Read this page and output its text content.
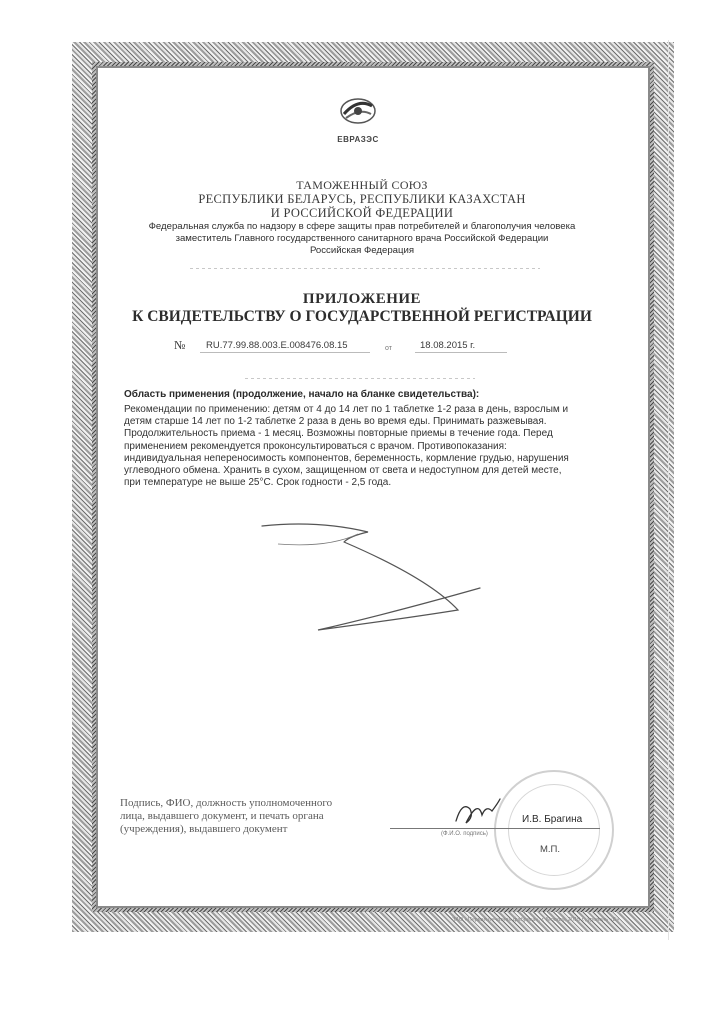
ЕВРАЗЭС
ТАМОЖЕННЫЙ СОЮЗ
РЕСПУБЛИКИ БЕЛАРУСЬ, РЕСПУБЛИКИ КАЗАХСТАН
И РОССИЙСКОЙ ФЕДЕРАЦИИ
Федеральная служба по надзору в сфере защиты прав потребителей и благополучия человека
заместитель Главного государственного санитарного врача Российской Федерации
Российская Федерация
ПРИЛОЖЕНИЕ
К СВИДЕТЕЛЬСТВУ О ГОСУДАРСТВЕННОЙ РЕГИСТРАЦИИ
№ RU.77.99.88.003.Е.008476.08.15	от	18.08.2015 г.
Область применения (продолжение, начало на бланке свидетельства):
Рекомендации по применению: детям от 4 до 14 лет по 1 таблетке 1-2 раза в день, взрослым и детям старше 14 лет по 1-2 таблетке 2 раза в день во время еды. Принимать разжевывая. Продолжительность приема - 1 месяц. Возможны повторные приемы в течение года. Перед применением рекомендуется проконсультироваться с врачом. Противопоказания: индивидуальная непереносимость компонентов, беременность, кормление грудью, нарушения углеводного обмена. Хранить в сухом, защищенном от света и недоступном для детей месте, при температуре не выше 25°С. Срок годности - 2,5 года.
Подпись, ФИО, должность уполномоченного
лица, выдавшего документ, и печать органа
(учреждения), выдавшего документ
И.В. Брагина
(Ф.И.О. подпись)
М.П.
ЗАО «Первая печатная фабрика», г. Москва, 2015 г., уровень «Б»
